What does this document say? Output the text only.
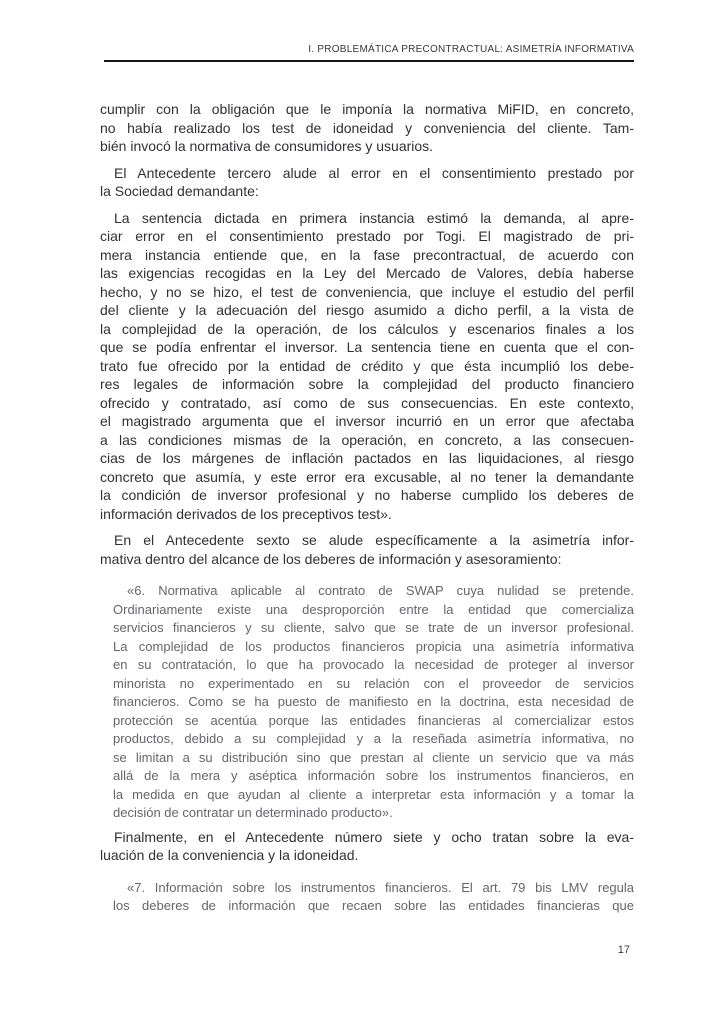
I. PROBLEMÁTICA PRECONTRACTUAL: ASIMETRÍA INFORMATIVA
cumplir con la obligación que le imponía la normativa MiFID, en concreto,
no había realizado los test de idoneidad y conveniencia del cliente. Tam-
bién invocó la normativa de consumidores y usuarios.
El Antecedente tercero alude al error en el consentimiento prestado por
la Sociedad demandante:
La sentencia dictada en primera instancia estimó la demanda, al apre-
ciar error en el consentimiento prestado por Togi. El magistrado de pri-
mera instancia entiende que, en la fase precontractual, de acuerdo con
las exigencias recogidas en la Ley del Mercado de Valores, debía haberse
hecho, y no se hizo, el test de conveniencia, que incluye el estudio del perfil
del cliente y la adecuación del riesgo asumido a dicho perfil, a la vista de
la complejidad de la operación, de los cálculos y escenarios finales a los
que se podía enfrentar el inversor. La sentencia tiene en cuenta que el con-
trato fue ofrecido por la entidad de crédito y que ésta incumplió los debe-
res legales de información sobre la complejidad del producto financiero
ofrecido y contratado, así como de sus consecuencias. En este contexto,
el magistrado argumenta que el inversor incurrió en un error que afectaba
a las condiciones mismas de la operación, en concreto, a las consecuen-
cias de los márgenes de inflación pactados en las liquidaciones, al riesgo
concreto que asumía, y este error era excusable, al no tener la demandante
la condición de inversor profesional y no haberse cumplido los deberes de
información derivados de los preceptivos test».
En el Antecedente sexto se alude específicamente a la asimetría infor-
mativa dentro del alcance de los deberes de información y asesoramiento:
«6. Normativa aplicable al contrato de SWAP cuya nulidad se pretende.
Ordinariamente existe una desproporción entre la entidad que comercializa
servicios financieros y su cliente, salvo que se trate de un inversor profesional.
La complejidad de los productos financieros propicia una asimetría informativa
en su contratación, lo que ha provocado la necesidad de proteger al inversor
minorista no experimentado en su relación con el proveedor de servicios
financieros. Como se ha puesto de manifiesto en la doctrina, esta necesidad de
protección se acentúa porque las entidades financieras al comercializar estos
productos, debido a su complejidad y a la reseñada asimetría informativa, no
se limitan a su distribución sino que prestan al cliente un servicio que va más
allá de la mera y aséptica información sobre los instrumentos financieros, en
la medida en que ayudan al cliente a interpretar esta información y a tomar la
decisión de contratar un determinado producto».
Finalmente, en el Antecedente número siete y ocho tratan sobre la eva-
luación de la conveniencia y la idoneidad.
«7. Información sobre los instrumentos financieros. El art. 79 bis LMV regula
los deberes de información que recaen sobre las entidades financieras que
17
